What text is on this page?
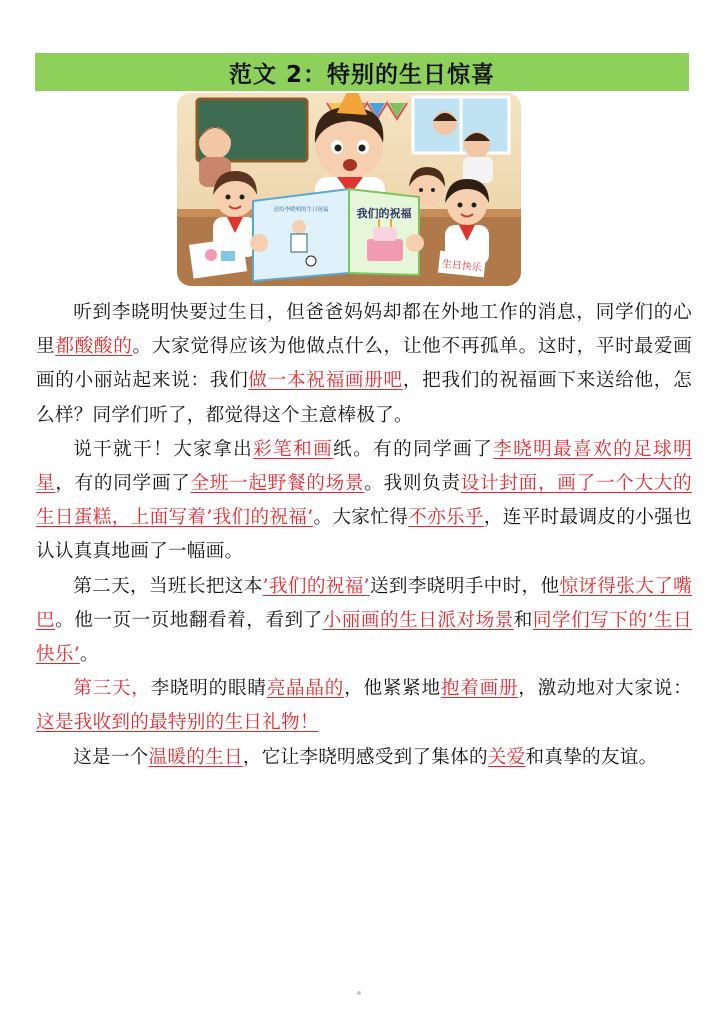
范文 2：特别的生日惊喜
生日快乐
送给李晓明的生日祝福	我们的祝福

听到李晓明快要过生日，但爸爸妈妈却都在外地工作的消息，同学们的心里都酸酸的。大家觉得应该为他做点什么，让他不再孤单。这时，平时最爱画画的小丽站起来说：我们做一本祝福画册吧，把我们的祝福画下来送给他，怎么样？同学们听了，都觉得这个主意棒极了。

说干就干！大家拿出彩笔和画纸。有的同学画了李晓明最喜欢的足球明星，有的同学画了全班一起野餐的场景。我则负责设计封面，画了一个大大的生日蛋糕，上面写着’我们的祝福’。大家忙得不亦乐乎，连平时最调皮的小强也认认真真地画了一幅画。

第二天，当班长把这本’我们的祝福’送到李晓明手中时，他惊讶得张大了嘴巴。他一页一页地翻看着，看到了小丽画的生日派对场景和同学们写下的’生日快乐’。

第三天，李晓明的眼睛亮晶晶的，他紧紧地抱着画册，激动地对大家说：这是我收到的最特别的生日礼物！

这是一个温暖的生日，它让李晓明感受到了集体的关爱和真挚的友谊。
